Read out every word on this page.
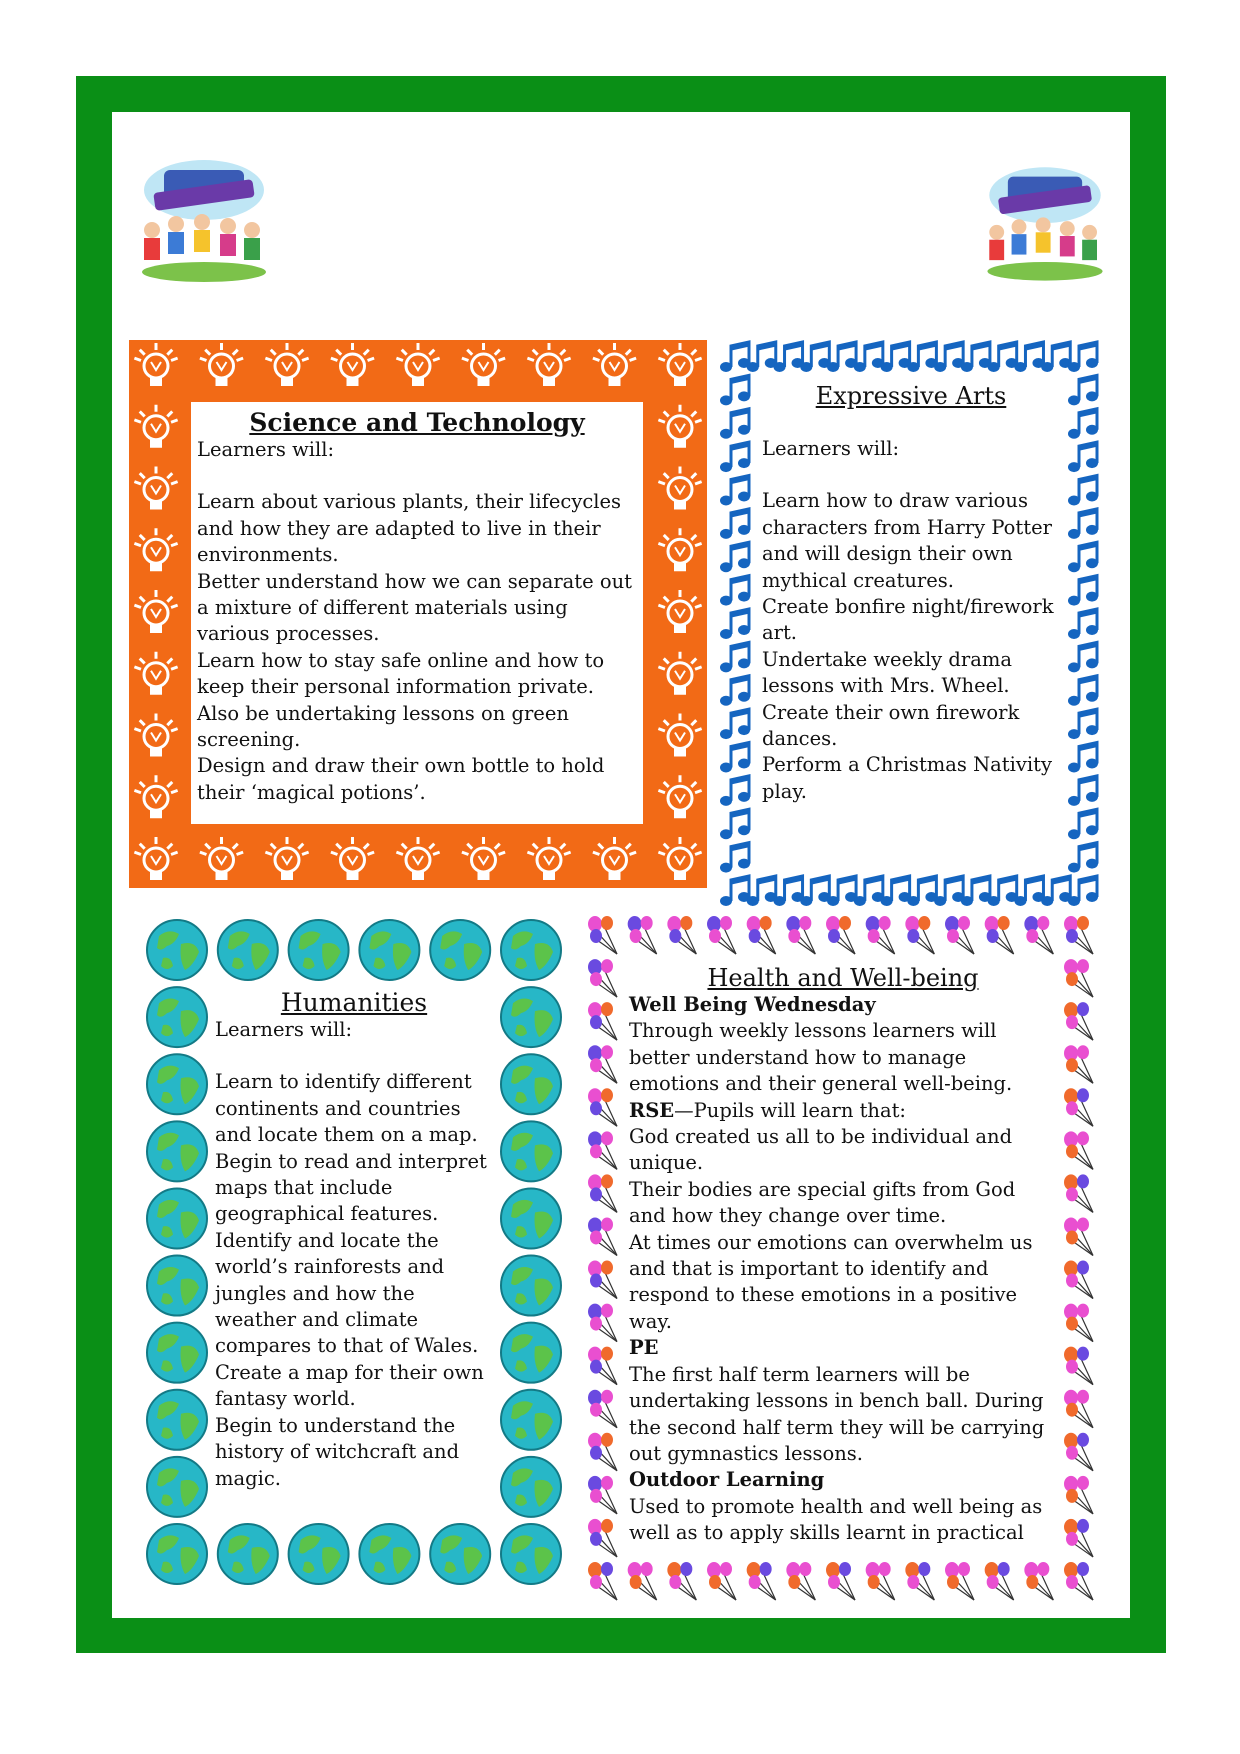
Science and Technology

Learners will:

Learn about various plants, their lifecycles and how they are adapted to live in their environments.

Better understand how we can separate out a mixture of different materials using various processes.

Learn how to stay safe online and how to keep their personal information private.

Also be undertaking lessons on green screening.

Design and draw their own bottle to hold their ‘magical potions’.

Expressive Arts

Learners will:

Learn how to draw various characters from Harry Potter and will design their own mythical creatures.

Create bonfire night/firework art.

Undertake weekly drama lessons with Mrs. Wheel.

Create their own firework dances.

Perform a Christmas Nativity play.

Humanities

Learners will:

Learn to identify different continents and countries and locate them on a map.

Begin to read and interpret maps that include geographical features.

Identify and locate the world’s rainforests and jungles and how the weather and climate compares to that of Wales.

Create a map for their own fantasy world.

Begin to understand the history of witchcraft and magic.

Health and Well-being

Well Being Wednesday

Through weekly lessons learners will better understand how to manage emotions and their general well-being.

RSE—Pupils will learn that:

God created us all to be individual and unique.

Their bodies are special gifts from God and how they change over time.

At times our emotions can overwhelm us and that is important to identify and respond to these emotions in a positive way.

PE

The first half term learners will be undertaking lessons in bench ball. During the second half term they will be carrying out gymnastics lessons.

Outdoor Learning

Used to promote health and well being as well as to apply skills learnt in practical
